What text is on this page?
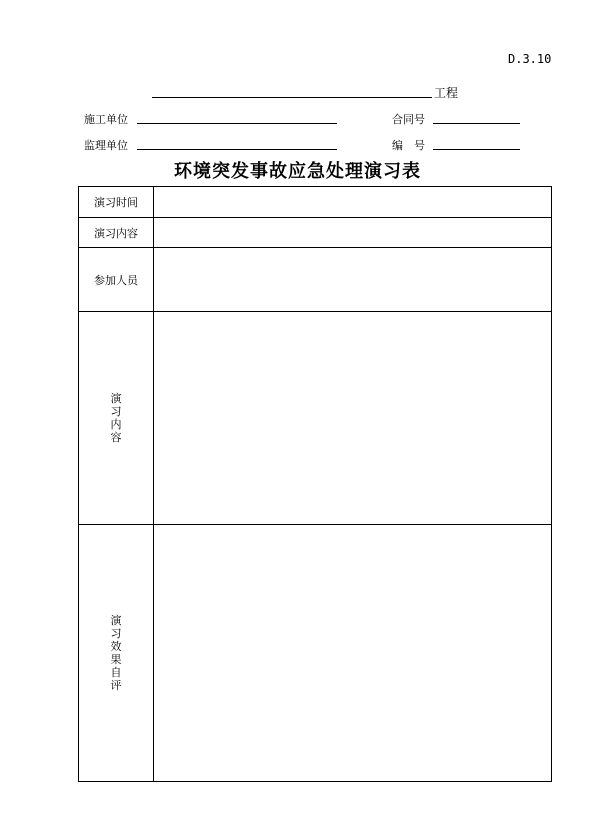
D.3.10
工程
施工单位	合同号
监理单位	编　号
环境突发事故应急处理演习表
演习时间	
演习内容	
参加人员	
演习内容	
演习效果自评	
